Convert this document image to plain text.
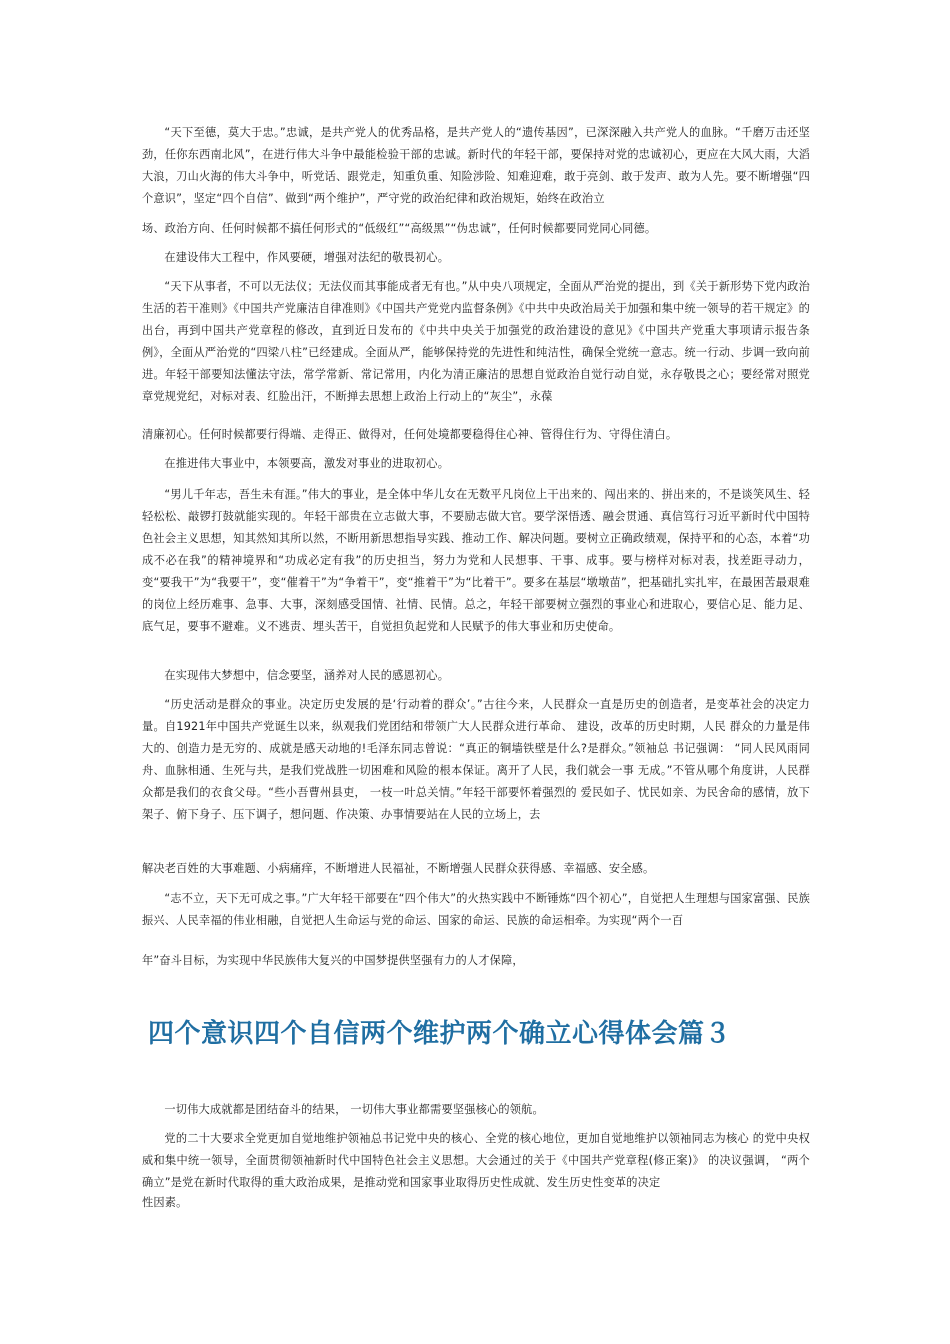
“天下至德，莫大于忠。”忠诚，是共产党人的优秀品格，是共产党人的“遗传基因”，已深深融入共产党人的血脉。“千磨万击还坚劲，任你东西南北风”，在进行伟大斗争中最能检验干部的忠诚。新时代的年轻干部，要保持对党的忠诚初心，更应在大风大雨，大滔大浪，刀山火海的伟大斗争中，听党话、跟党走，知重负重、知险涉险、知难迎难，敢于亮剑、敢于发声、敢为人先。要不断增强“四个意识”，坚定“四个自信”、做到“两个维护”，严守党的政治纪律和政治规矩，始终在政治立

场、政治方向、任何时候都不搞任何形式的“低级红”“高级黑”“伪忠诚”，任何时候都要同党同心同德。

在建设伟大工程中，作风要硬，增强对法纪的敬畏初心。

“天下从事者，不可以无法仪；无法仪而其事能成者无有也。”从中央八项规定，全面从严治党的提出，到《关于新形势下党内政治生活的若干准则》《中国共产党廉洁自律准则》《中国共产党党内监督条例》《中共中央政治局关于加强和集中统一领导的若干规定》的出台，再到中国共产党章程的修改，直到近日发布的《中共中央关于加强党的政治建设的意见》《中国共产党重大事项请示报告条例》，全面从严治党的“四梁八柱”已经建成。全面从严，能够保持党的先进性和纯洁性，确保全党统一意志。统一行动、步调一致向前进。年轻干部要知法懂法守法，常学常新、常记常用，内化为清正廉洁的思想自觉政治自觉行动自觉，永存敬畏之心；要经常对照党章党规党纪，对标对表、红脸出汗，不断掸去思想上政治上行动上的“灰尘”，永葆

清廉初心。任何时候都要行得端、走得正、做得对，任何处境都要稳得住心神、管得住行为、守得住清白。

在推进伟大事业中，本领要高，激发对事业的进取初心。

“男儿千年志，吾生未有涯。”伟大的事业，是全体中华儿女在无数平凡岗位上干出来的、闯出来的、拼出来的，不是谈笑风生、轻轻松松、敲锣打鼓就能实现的。年轻干部贵在立志做大事，不要励志做大官。要学深悟透、融会贯通、真信笃行习近平新时代中国特色社会主义思想，知其然知其所以然，不断用新思想指导实践、推动工作、解决问题。要树立正确政绩观，保持平和的心态，本着“功成不必在我”的精神境界和“功成必定有我”的历史担当，努力为党和人民想事、干事、成事。要与榜样对标对表，找差距寻动力，变“要我干”为“我要干”，变“催着干”为“争着干”，变“推着干”为“比着干”。要多在基层“墩墩苗”，把基础扎实扎牢，在最困苦最艰难的岗位上经历难事、急事、大事，深刻感受国情、社情、民情。总之，年轻干部要树立强烈的事业心和进取心，要信心足、能力足、底气足，要事不避难。义不逃责、埋头苦干，自觉担负起党和人民赋予的伟大事业和历史使命。

在实现伟大梦想中，信念要坚，涵养对人民的感恩初心。

“历史活动是群众的事业。决定历史发展的是‘行动着的群众’。”古往今来，人民群众一直是历史的创造者，是变革社会的决定力量。自1921年中国共产党诞生以来，纵观我们党团结和带领广大人民群众进行革命、 建设，改革的历史时期，人民 群众的力量是伟大的、创造力是无穷的、成就是感天动地的!毛泽东同志曾说：“真正的铜墙铁壁是什么?是群众。”领袖总 书记强调： “同人民风雨同舟、血脉相通、生死与共，是我们党战胜一切困难和风险的根本保证。离开了人民，我们就会一事 无成。”不管从哪个角度讲，人民群众都是我们的衣食父母。“些小吾曹州县吏， 一枝一叶总关情。”年轻干部要怀着强烈的 爱民如子、忧民如亲、为民舍命的感情，放下架子、俯下身子、压下调子，想问题、作决策、办事情要站在人民的立场上，去

解决老百姓的大事难题、小病痛痒，不断增进人民福祉，不断增强人民群众获得感、幸福感、安全感。

“志不立，天下无可成之事。”广大年轻干部要在“四个伟大”的火热实践中不断锤炼“四个初心”，自觉把人生理想与国家富强、民族振兴、人民幸福的伟业相融，自觉把人生命运与党的命运、国家的命运、民族的命运相牵。为实现“两个一百

年”奋斗目标，为实现中华民族伟大复兴的中国梦提供坚强有力的人才保障，

四个意识四个自信两个维护两个确立心得体会篇３

一切伟大成就都是团结奋斗的结果， 一切伟大事业都需要坚强核心的领航。

党的二十大要求全党更加自觉地维护领袖总书记党中央的核心、全党的核心地位，更加自觉地维护以领袖同志为核心 的党中央权威和集中统一领导，全面贯彻领袖新时代中国特色社会主义思想。大会通过的关于《中国共产党章程(修正案)》 的决议强调， “两个确立”是党在新时代取得的重大政治成果，是推动党和国家事业取得历史性成就、发生历史性变革的决定

性因素。
